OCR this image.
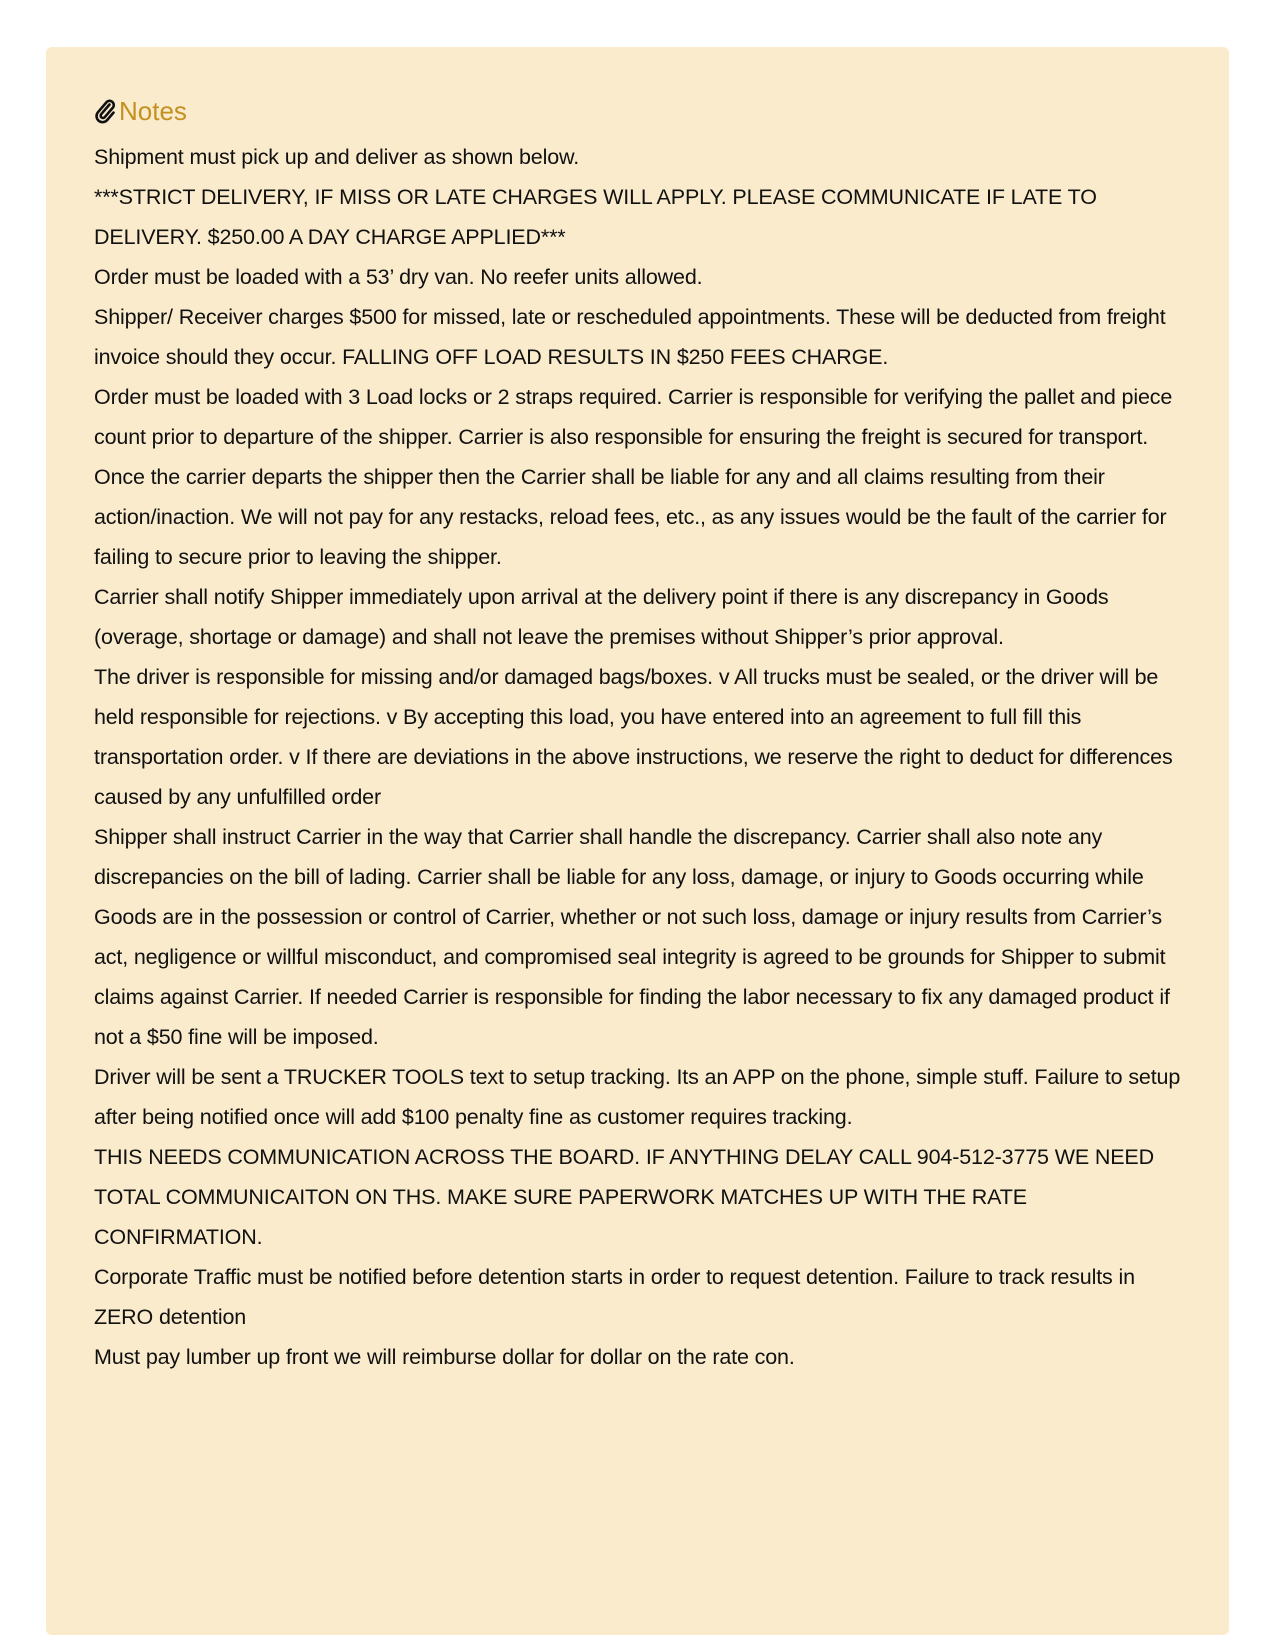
Notes

Shipment must pick up and deliver as shown below.

***STRICT DELIVERY, IF MISS OR LATE CHARGES WILL APPLY. PLEASE COMMUNICATE IF LATE TO DELIVERY. $250.00 A DAY CHARGE APPLIED***

Order must be loaded with a 53’ dry van. No reefer units allowed.

Shipper/ Receiver charges $500 for missed, late or rescheduled appointments. These will be deducted from freight invoice should they occur. FALLING OFF LOAD RESULTS IN $250 FEES CHARGE.

Order must be loaded with 3 Load locks or 2 straps required. Carrier is responsible for verifying the pallet and piece count prior to departure of the shipper. Carrier is also responsible for ensuring the freight is secured for transport. Once the carrier departs the shipper then the Carrier shall be liable for any and all claims resulting from their action/inaction. We will not pay for any restacks, reload fees, etc., as any issues would be the fault of the carrier for failing to secure prior to leaving the shipper.

Carrier shall notify Shipper immediately upon arrival at the delivery point if there is any discrepancy in Goods (overage, shortage or damage) and shall not leave the premises without Shipper’s prior approval.

The driver is responsible for missing and/or damaged bags/boxes. v All trucks must be sealed, or the driver will be held responsible for rejections. v By accepting this load, you have entered into an agreement to full fill this transportation order. v If there are deviations in the above instructions, we reserve the right to deduct for differences caused by any unfulfilled order

Shipper shall instruct Carrier in the way that Carrier shall handle the discrepancy. Carrier shall also note any discrepancies on the bill of lading. Carrier shall be liable for any loss, damage, or injury to Goods occurring while Goods are in the possession or control of Carrier, whether or not such loss, damage or injury results from Carrier’s act, negligence or willful misconduct, and compromised seal integrity is agreed to be grounds for Shipper to submit claims against Carrier. If needed Carrier is responsible for finding the labor necessary to fix any damaged product if not a $50 fine will be imposed.

Driver will be sent a TRUCKER TOOLS text to setup tracking. Its an APP on the phone, simple stuff. Failure to setup after being notified once will add $100 penalty fine as customer requires tracking.

THIS NEEDS COMMUNICATION ACROSS THE BOARD. IF ANYTHING DELAY CALL 904-512-3775 WE NEED TOTAL COMMUNICAITON ON THS. MAKE SURE PAPERWORK MATCHES UP WITH THE RATE CONFIRMATION.

Corporate Traffic must be notified before detention starts in order to request detention. Failure to track results in ZERO detention

Must pay lumber up front we will reimburse dollar for dollar on the rate con.
